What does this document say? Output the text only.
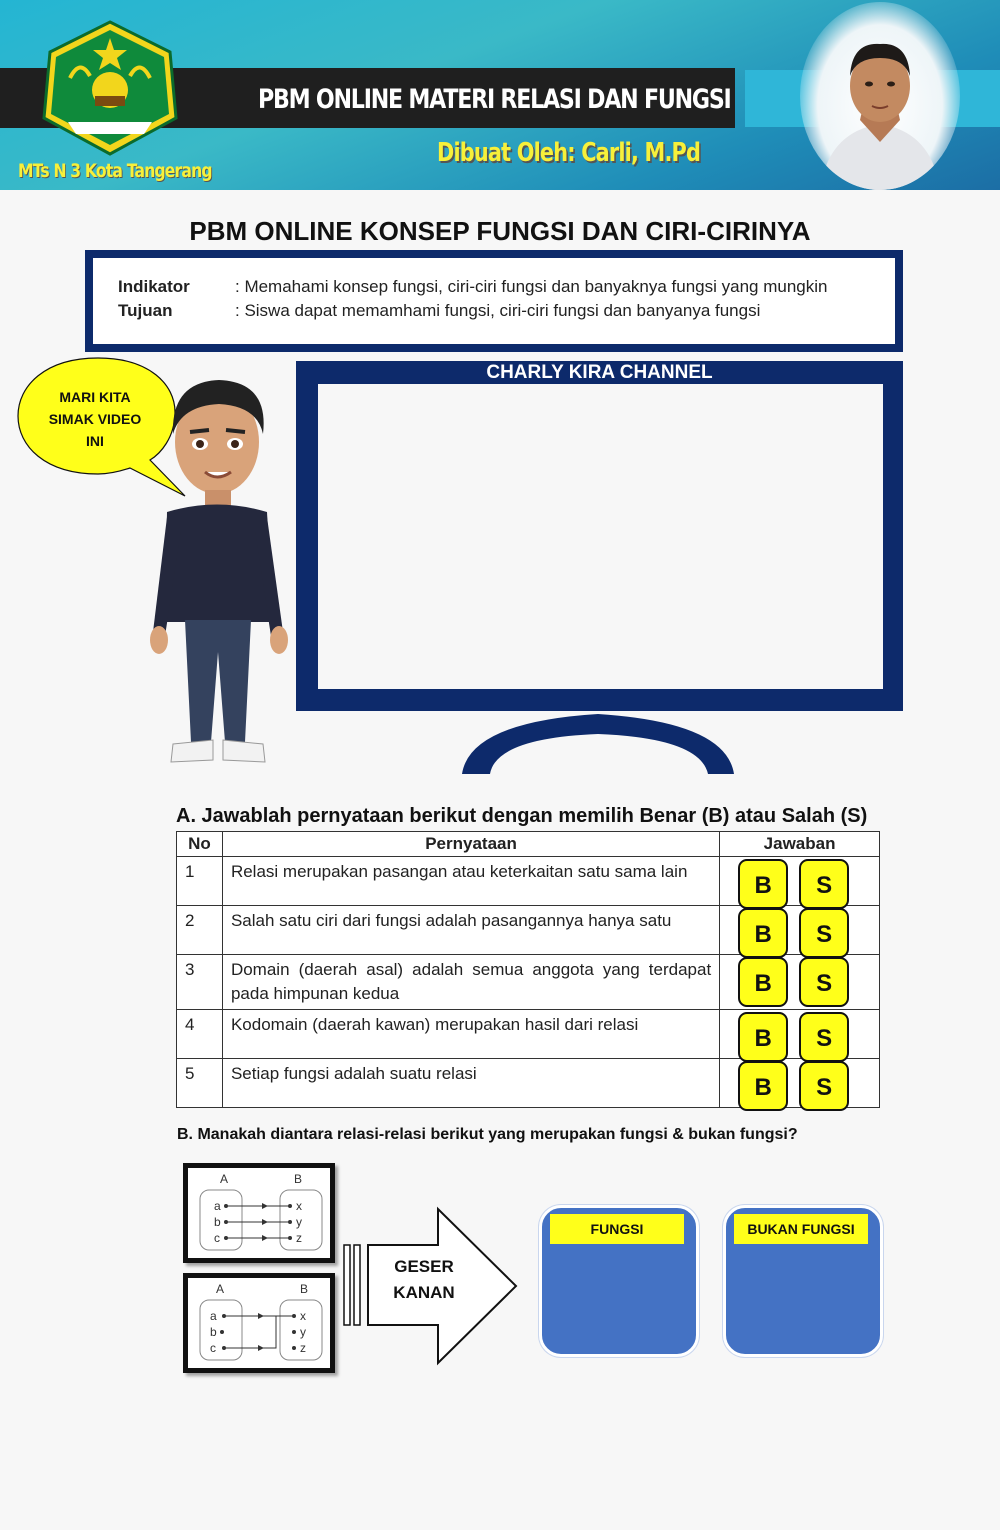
PBM ONLINE MATERI RELASI DAN FUNGSI
Dibuat Oleh: Carli, M.Pd
MTs N 3 Kota Tangerang
PBM ONLINE KONSEP FUNGSI DAN CIRI-CIRINYA
Indikator	: Memahami konsep fungsi, ciri-ciri fungsi dan banyaknya fungsi yang mungkin
Tujuan	: Siswa dapat memamhami fungsi, ciri-ciri fungsi dan banyanya fungsi
MARI KITA SIMAK VIDEO INI
CHARLY KIRA CHANNEL
A. Jawablah pernyataan berikut dengan memilih Benar (B) atau Salah (S)
No	Pernyataan	Jawaban
1	Relasi merupakan pasangan atau keterkaitan satu sama lain	B S

2	Salah satu ciri dari fungsi adalah pasangannya hanya satu	B S

3	Domain (daerah asal) adalah semua anggota yang terdapat pada himpunan kedua	B S

4	Kodomain (daerah kawan) merupakan hasil dari relasi	B S

5	Setiap fungsi adalah suatu relasi	B S
B. Manakah diantara relasi-relasi berikut yang merupakan fungsi & bukan fungsi?
A	B
a
b
c
x
y
z
A	B
a
b
c
x
y
z
GESER KANAN
FUNGSI	BUKAN FUNGSI
